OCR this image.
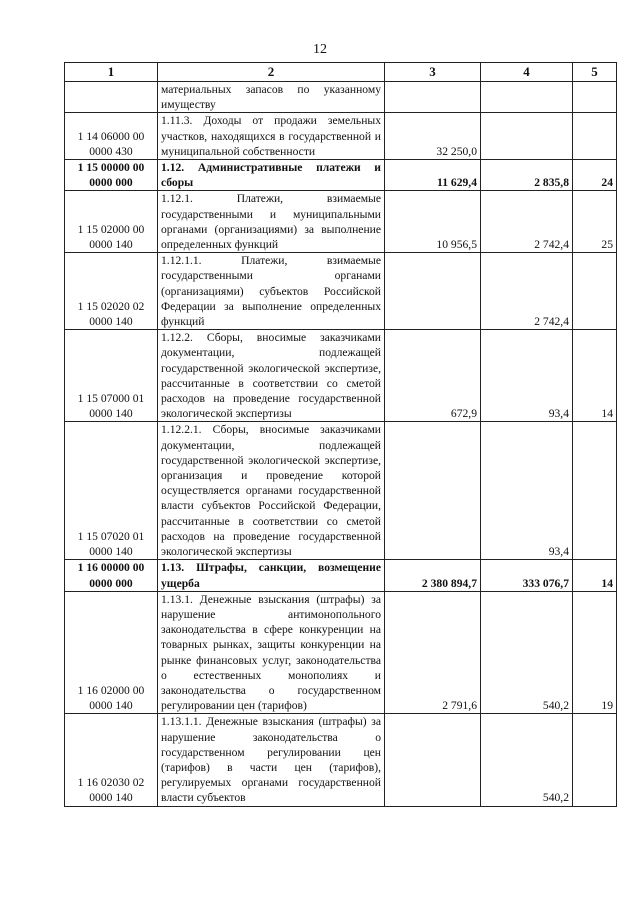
12
1	2	3	4	5
	материальных запасов по указанному имуществу			
1 14 06000 00 0000 430	1.11.3. Доходы от продажи земельных участков, находящихся в государственной и муниципальной собственности	32 250,0		
1 15 00000 00 0000 000	1.12. Административные платежи и сборы	11 629,4	2 835,8	24
1 15 02000 00 0000 140	1.12.1. Платежи, взимаемые государственными и муниципальными органами (организациями) за выполнение определенных функций	10 956,5	2 742,4	25
1 15 02020 02 0000 140	1.12.1.1. Платежи, взимаемые государственными органами (организациями) субъектов Российской Федерации за выполнение определенных функций		2 742,4	
1 15 07000 01 0000 140	1.12.2. Сборы, вносимые заказчиками документации, подлежащей государственной экологической экспертизе, рассчитанные в соответствии со сметой расходов на проведение государственной экологической экспертизы	672,9	93,4	14
1 15 07020 01 0000 140	1.12.2.1. Сборы, вносимые заказчиками документации, подлежащей государственной экологической экспертизе, организация и проведение которой осуществляется органами государственной власти субъектов Российской Федерации, рассчитанные в соответствии со сметой расходов на проведение государственной экологической экспертизы		93,4	
1 16 00000 00 0000 000	1.13. Штрафы, санкции, возмещение ущерба	2 380 894,7	333 076,7	14
1 16 02000 00 0000 140	1.13.1. Денежные взыскания (штрафы) за нарушение антимонопольного законодательства в сфере конкуренции на товарных рынках, защиты конкуренции на рынке финансовых услуг, законодательства о естественных монополиях и законодательства о государственном регулировании цен (тарифов)	2 791,6	540,2	19
1 16 02030 02 0000 140	1.13.1.1. Денежные взыскания (штрафы) за нарушение законодательства о государственном регулировании цен (тарифов) в части цен (тарифов), регулируемых органами государственной власти субъектов		540,2	
